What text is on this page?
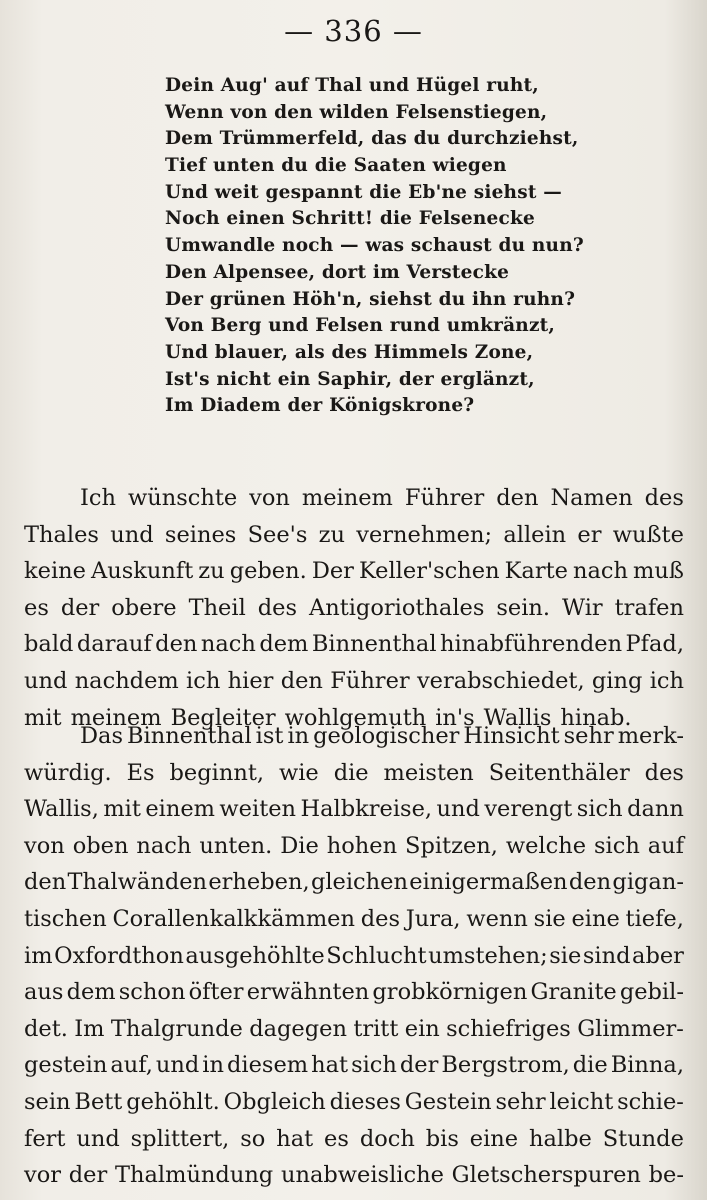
— 336 —
Dein Aug' auf Thal und Hügel ruht,
Wenn von den wilden Felsenstiegen,
Dem Trümmerfeld, das du durchziehst,
Tief unten du die Saaten wiegen
Und weit gespannt die Eb'ne siehst —
Noch einen Schritt! die Felsenecke
Umwandle noch — was schaust du nun?
Den Alpensee, dort im Verstecke
Der grünen Höh'n, siehst du ihn ruhn?
Von Berg und Felsen rund umkränzt,
Und blauer, als des Himmels Zone,
Ist's nicht ein Saphir, der erglänzt,
Im Diadem der Königskrone?
Ich wünschte von meinem Führer den Namen des
Thales und seines See's zu vernehmen; allein er wußte
keine Auskunft zu geben. Der Keller'schen Karte nach muß
es der obere Theil des Antigoriothales sein. Wir trafen
bald darauf den nach dem Binnenthal hinabführenden Pfad,
und nachdem ich hier den Führer verabschiedet, ging ich
mit meinem Begleiter wohlgemuth in's Wallis hinab.
Das Binnenthal ist in geologischer Hinsicht sehr merk-
würdig. Es beginnt, wie die meisten Seitenthäler des
Wallis, mit einem weiten Halbkreise, und verengt sich dann
von oben nach unten. Die hohen Spitzen, welche sich auf
den Thalwänden erheben, gleichen einigermaßen den gigan-
tischen Corallenkalkkämmen des Jura, wenn sie eine tiefe,
im Oxfordthon ausgehöhlte Schlucht umstehen; sie sind aber
aus dem schon öfter erwähnten grobkörnigen Granite gebil-
det. Im Thalgrunde dagegen tritt ein schiefriges Glimmer-
gestein auf, und in diesem hat sich der Bergstrom, die Binna,
sein Bett gehöhlt. Obgleich dieses Gestein sehr leicht schie-
fert und splittert, so hat es doch bis eine halbe Stunde
vor der Thalmündung unabweisliche Gletscherspuren be-
